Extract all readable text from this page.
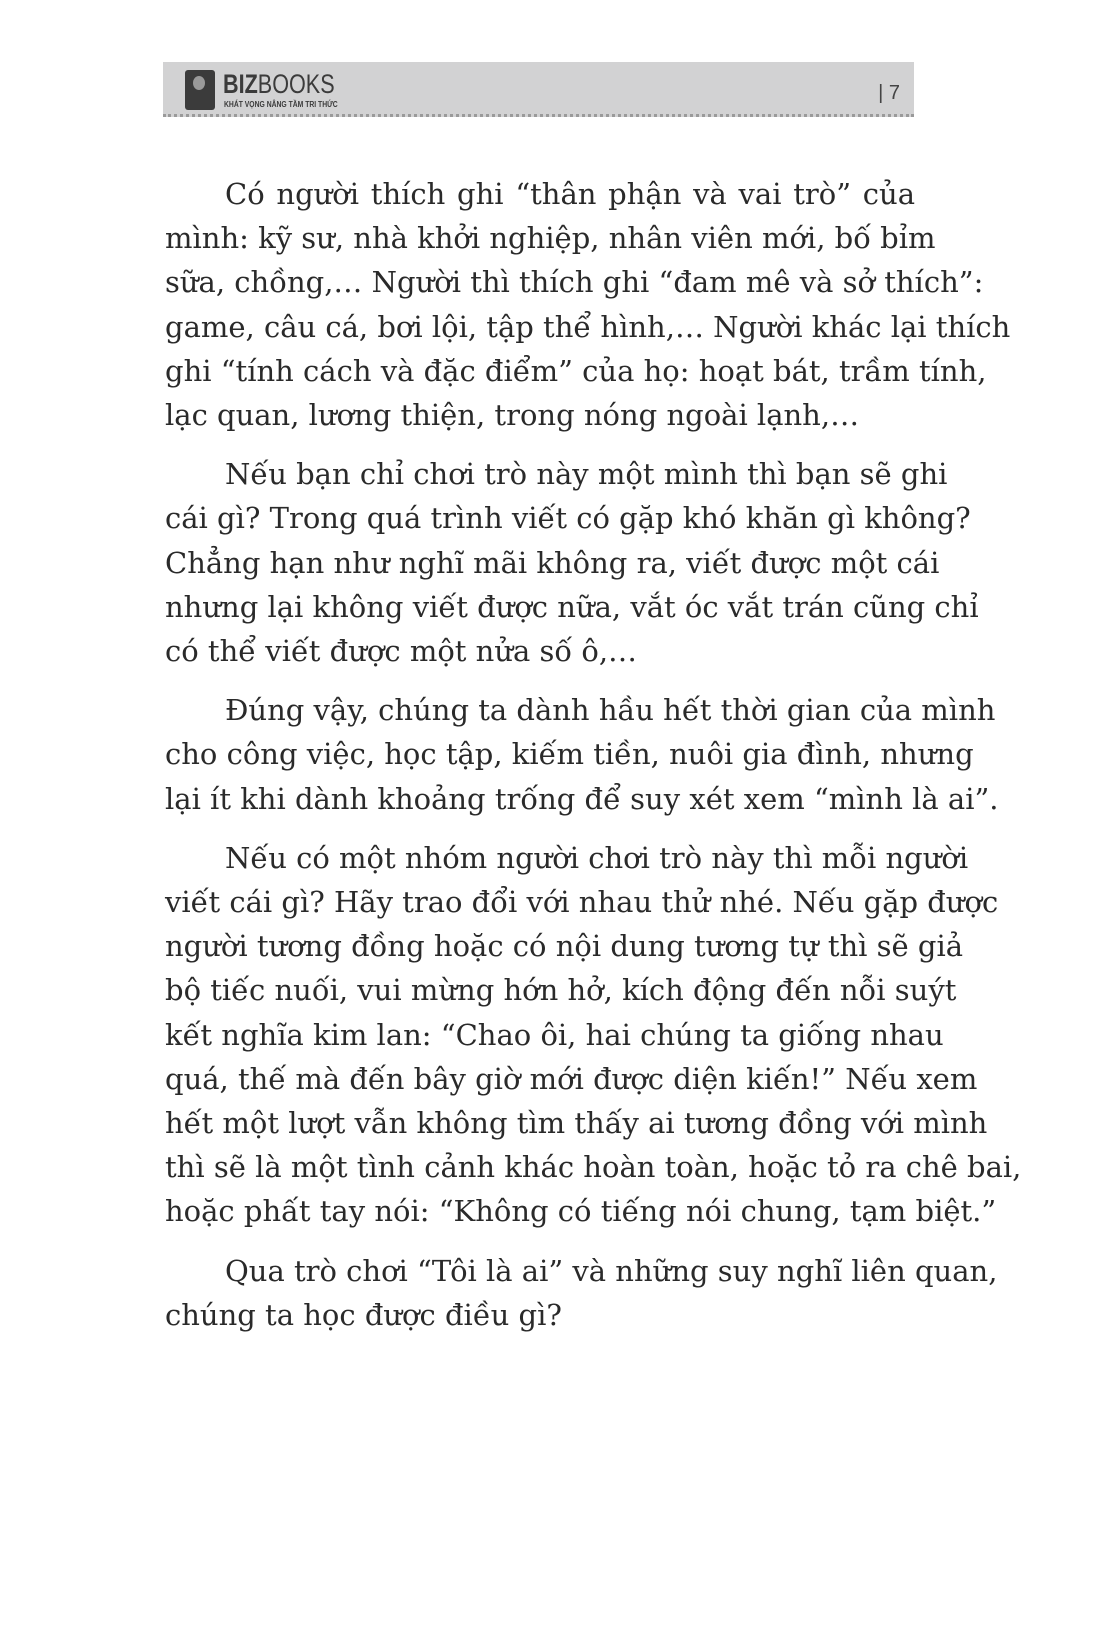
BIZBOOKS
KHÁT VỌNG NÂNG TẦM TRI THỨC
| 7
Có người thích ghi “thân phận và vai trò” của
mình: kỹ sư, nhà khởi nghiệp, nhân viên mới, bố bỉm
sữa, chồng,… Người thì thích ghi “đam mê và sở thích”:
game, câu cá, bơi lội, tập thể hình,… Người khác lại thích
ghi “tính cách và đặc điểm” của họ: hoạt bát, trầm tính,
lạc quan, lương thiện, trong nóng ngoài lạnh,…
Nếu bạn chỉ chơi trò này một mình thì bạn sẽ ghi
cái gì? Trong quá trình viết có gặp khó khăn gì không?
Chẳng hạn như nghĩ mãi không ra, viết được một cái
nhưng lại không viết được nữa, vắt óc vắt trán cũng chỉ
có thể viết được một nửa số ô,…
Đúng vậy, chúng ta dành hầu hết thời gian của mình
cho công việc, học tập, kiếm tiền, nuôi gia đình, nhưng
lại ít khi dành khoảng trống để suy xét xem “mình là ai”.
Nếu có một nhóm người chơi trò này thì mỗi người
viết cái gì? Hãy trao đổi với nhau thử nhé. Nếu gặp được
người tương đồng hoặc có nội dung tương tự thì sẽ giả
bộ tiếc nuối, vui mừng hớn hở, kích động đến nỗi suýt
kết nghĩa kim lan: “Chao ôi, hai chúng ta giống nhau
quá, thế mà đến bây giờ mới được diện kiến!” Nếu xem
hết một lượt vẫn không tìm thấy ai tương đồng với mình
thì sẽ là một tình cảnh khác hoàn toàn, hoặc tỏ ra chê bai,
hoặc phất tay nói: “Không có tiếng nói chung, tạm biệt.”
Qua trò chơi “Tôi là ai” và những suy nghĩ liên quan,
chúng ta học được điều gì?
